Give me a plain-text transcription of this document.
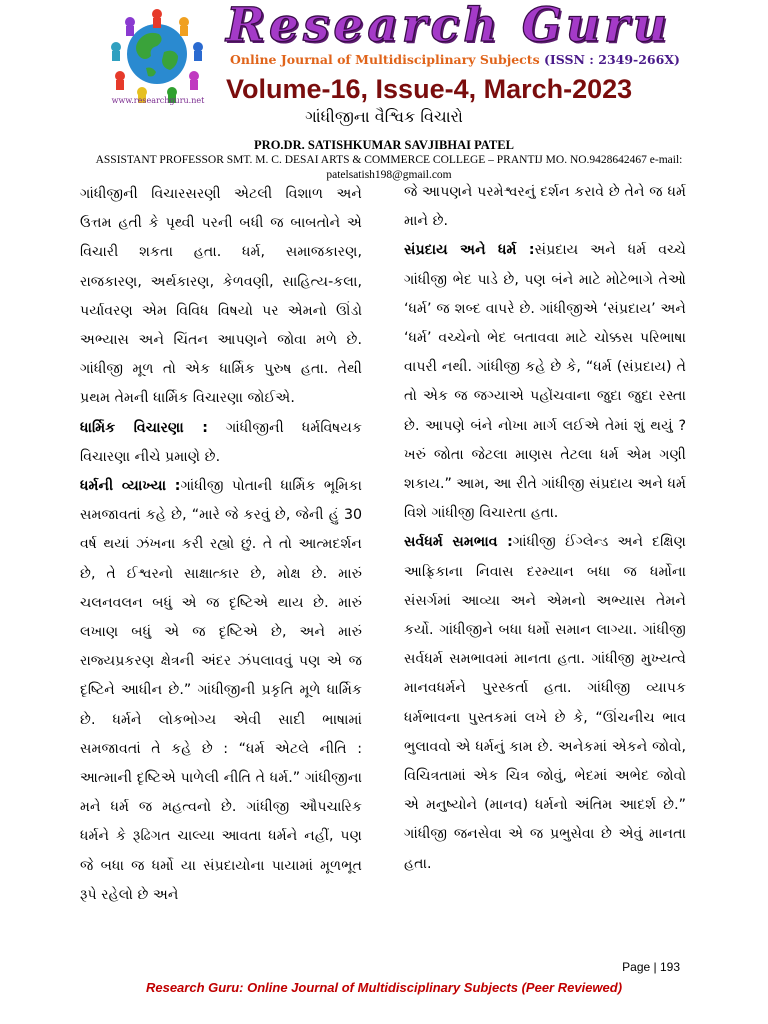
www.researchguru.net
Research Guru
Online Journal of Multidisciplinary Subjects (ISSN : 2349-266X)
Volume-16, Issue-4, March-2023
ગાંધીજીના વૈશ્વિક વિચારો
PRO.DR. SATISHKUMAR SAVJIBHAI PATEL
ASSISTANT PROFESSOR SMT. M. C. DESAI ARTS & COMMERCE COLLEGE – PRANTIJ MO. NO.9428642467 e-mail: patelsatish198@gmail.com

ગાંધીજીની વિચારસરણી એટલી વિશાળ અને ઉત્તમ હતી કે પૃથ્વી પરની બધી જ બાબતોને એ વિચારી શકતા હતા. ધર્મ, સમાજકારણ, રાજકારણ, અર્થકારણ, કેળવણી, સાહિત્ય-કલા, પર્યાવરણ એમ વિવિધ વિષયો પર એમનો ઊંડો અભ્યાસ અને ચિંતન આપણને જોવા મળે છે. ગાંધીજી મૂળ તો એક ધાર્મિક પુરુષ હતા. તેથી પ્રથમ તેમની ધાર્મિક વિચારણા જોઈએ.

ધાર્મિક વિચારણા : ગાંધીજીની ધર્મવિષયક વિચારણા નીચે પ્રમાણે છે.

ધર્મની વ્યાખ્યા :ગાંધીજી પોતાની ધાર્મિક ભૂમિકા સમજાવતાં કહે છે, “મારે જે કરવું છે, જેની હું 30 વર્ષ થયાં ઝંખના કરી રહ્યો છું. તે તો આત્મદર્શન છે, તે ઈશ્વરનો સાક્ષાત્કાર છે, મોક્ષ છે. મારું ચલનવલન બધું એ જ દૃષ્ટિએ થાય છે. મારું લખાણ બધું એ જ દૃષ્ટિએ છે, અને મારું રાજ્યપ્રકરણ ક્ષેત્રની અંદર ઝંપલાવવું પણ એ જ દૃષ્ટિને આધીન છે.” ગાંધીજીની પ્રકૃતિ મૂળે ધાર્મિક છે. ધર્મને લોકભોગ્ય એવી સાદી ભાષામાં સમજાવતાં તે કહે છે : “ધર્મ એટલે નીતિ : આત્માની દૃષ્ટિએ પાળેલી નીતિ તે ધર્મ.” ગાંધીજીના મને ધર્મ જ મહત્વનો છે. ગાંધીજી ઔપચારિક ધર્મને કે રૂઢિગત ચાલ્યા આવતા ધર્મને નહીં, પણ જે બધા જ ધર્મો યા સંપ્રદાયોના પાયામાં મૂળભૂત રૂપે રહેલો છે અને

જે આપણને પરમેશ્વરનું દર્શન કરાવે છે તેને જ ધર્મ માને છે.

સંપ્રદાય અને ધર્મ :સંપ્રદાય અને ધર્મ વચ્ચે ગાંધીજી ભેદ પાડે છે, પણ બંને માટે મોટેભાગે તેઓ ‘ધર્મ’ જ શબ્દ વાપરે છે. ગાંધીજીએ ‘સંપ્રદાય’ અને ‘ધર્મ’ વચ્ચેનો ભેદ બતાવવા માટે ચોક્કસ પરિભાષા વાપરી નથી. ગાંધીજી કહે છે કે, “ધર્મ (સંપ્રદાય) તે તો એક જ જગ્યાએ પહોંચવાના જુદા જુદા રસ્તા છે. આપણે બંને નોખા માર્ગ લઈએ તેમાં શું થયું ? ખરું જોતા જેટલા માણસ તેટલા ધર્મ એમ ગણી શકાય.” આમ, આ રીતે ગાંધીજી સંપ્રદાય અને ધર્મ વિશે ગાંધીજી વિચારતા હતા.

સર્વધર્મ સમભાવ :ગાંધીજી ઈંગ્લેન્ડ અને દક્ષિણ આફ્રિકાના નિવાસ દરમ્યાન બધા જ ધર્મોના સંસર્ગમાં આવ્યા અને એમનો અભ્યાસ તેમને કર્યો. ગાંધીજીને બધા ધર્મો સમાન લાગ્યા. ગાંધીજી સર્વધર્મ સમભાવમાં માનતા હતા. ગાંધીજી મુખ્યત્વે માનવધર્મને પુરસ્કર્તા હતા. ગાંધીજી વ્યાપક ધર્મભાવના પુસ્તકમાં લખે છે કે, “ઊંચનીચ ભાવ ભુલાવવો એ ધર્મનું કામ છે. અનેકમાં એકને જોવો, વિચિત્રતામાં એક ચિત્ર જોવું, ભેદમાં અભેદ જોવો એ મનુષ્યોને (માનવ) ધર્મનો અંતિમ આદર્શ છે.” ગાંધીજી જનસેવા એ જ પ્રભુસેવા છે એવું માનતા હતા.

Page | 193
Research Guru: Online Journal of Multidisciplinary Subjects (Peer Reviewed)
